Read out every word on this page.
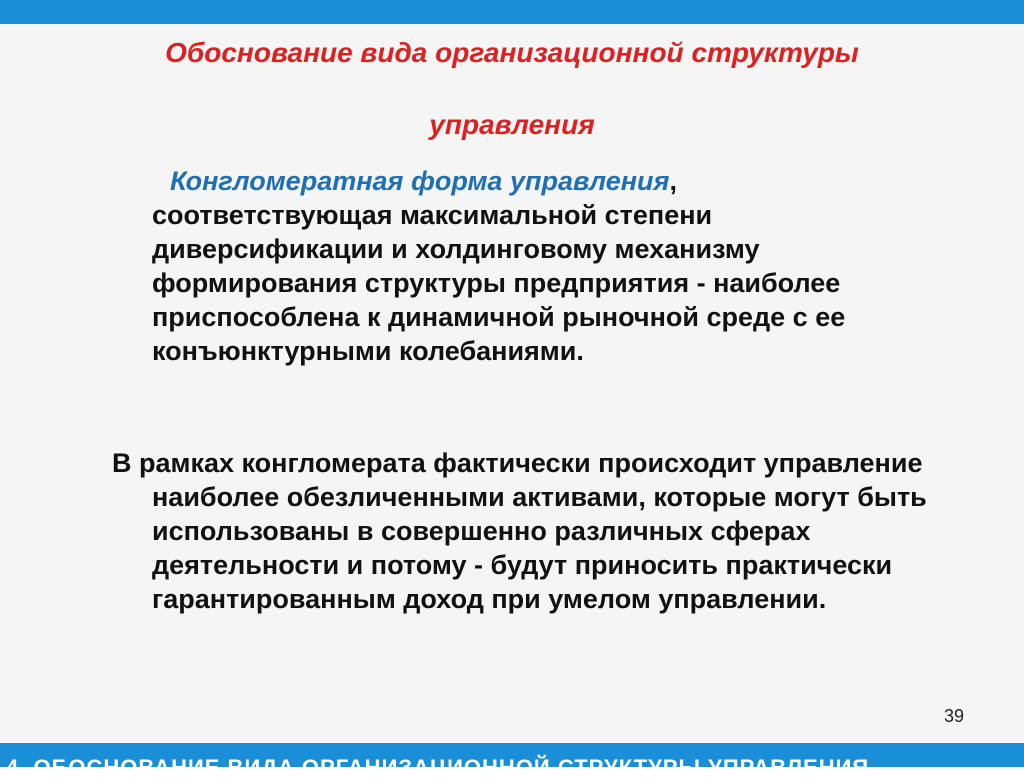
Обоснование вида организационной структуры
управления

Конгломератная форма управления,
соответствующая максимальной степени диверсификации и холдинговому механизму формирования структуры предприятия - наиболее приспособлена к динамичной рыночной среде с ее конъюнктурными колебаниями.

В рамках конгломерата фактически происходит управление наиболее обезличенными активами, которые могут быть использованы в совершенно различных сферах деятельности и потому - будут приносить практически гарантированным доход при умелом управлении.

39
4. ОБОСНОВАНИЕ ВИДА ОРГАНИЗАЦИОННОЙ СТРУКТУРЫ УПРАВЛЕНИЯ
